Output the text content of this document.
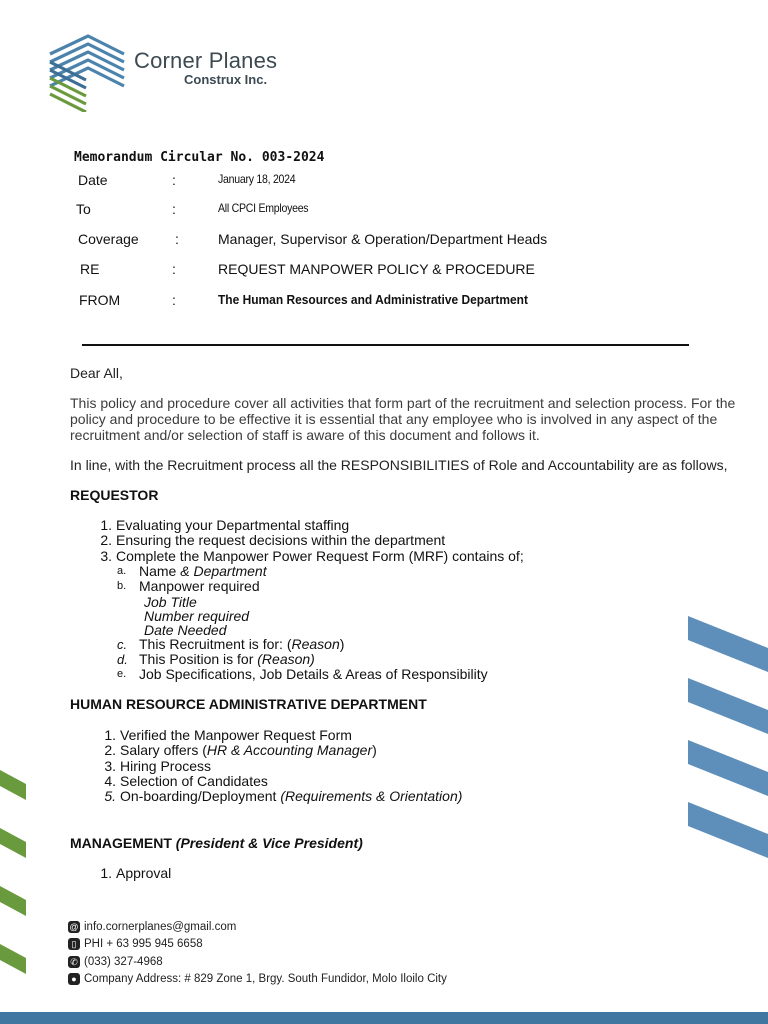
Corner Planes
Construx Inc.
Memorandum Circular No. 003-2024
Date	:	January 18, 2024
To	:	All CPCI Employees
Coverage	:	Manager, Supervisor & Operation/Department Heads
RE	:	REQUEST MANPOWER POLICY & PROCEDURE
FROM	:	The Human Resources and Administrative Department
Dear All,
This policy and procedure cover all activities that form part of the recruitment and selection process. For the policy and procedure to be effective it is essential that any employee who is involved in any aspect of the recruitment and/or selection of staff is aware of this document and follows it.
In line, with the Recruitment process all the RESPONSIBILITIES of Role and Accountability are as follows,
REQUESTOR
1. Evaluating your Departmental staffing
2. Ensuring the request decisions within the department
3. Complete the Manpower Power Request Form (MRF) contains of;
a. Name & Department
b. Manpower required
Job Title
Number required
Date Needed
c. This Recruitment is for: (Reason)
d. This Position is for (Reason)
e. Job Specifications, Job Details & Areas of Responsibility
HUMAN RESOURCE ADMINISTRATIVE DEPARTMENT
1. Verified the Manpower Request Form
2. Salary offers (HR & Accounting Manager)
3. Hiring Process
4. Selection of Candidates
5. On-boarding/Deployment (Requirements & Orientation)
MANAGEMENT (President & Vice President)
1. Approval
@ info.cornerplanes@gmail.com
▯ PHI + 63 995 945 6658
✆ (033) 327-4968
● Company Address: # 829 Zone 1, Brgy. South Fundidor, Molo Iloilo City
